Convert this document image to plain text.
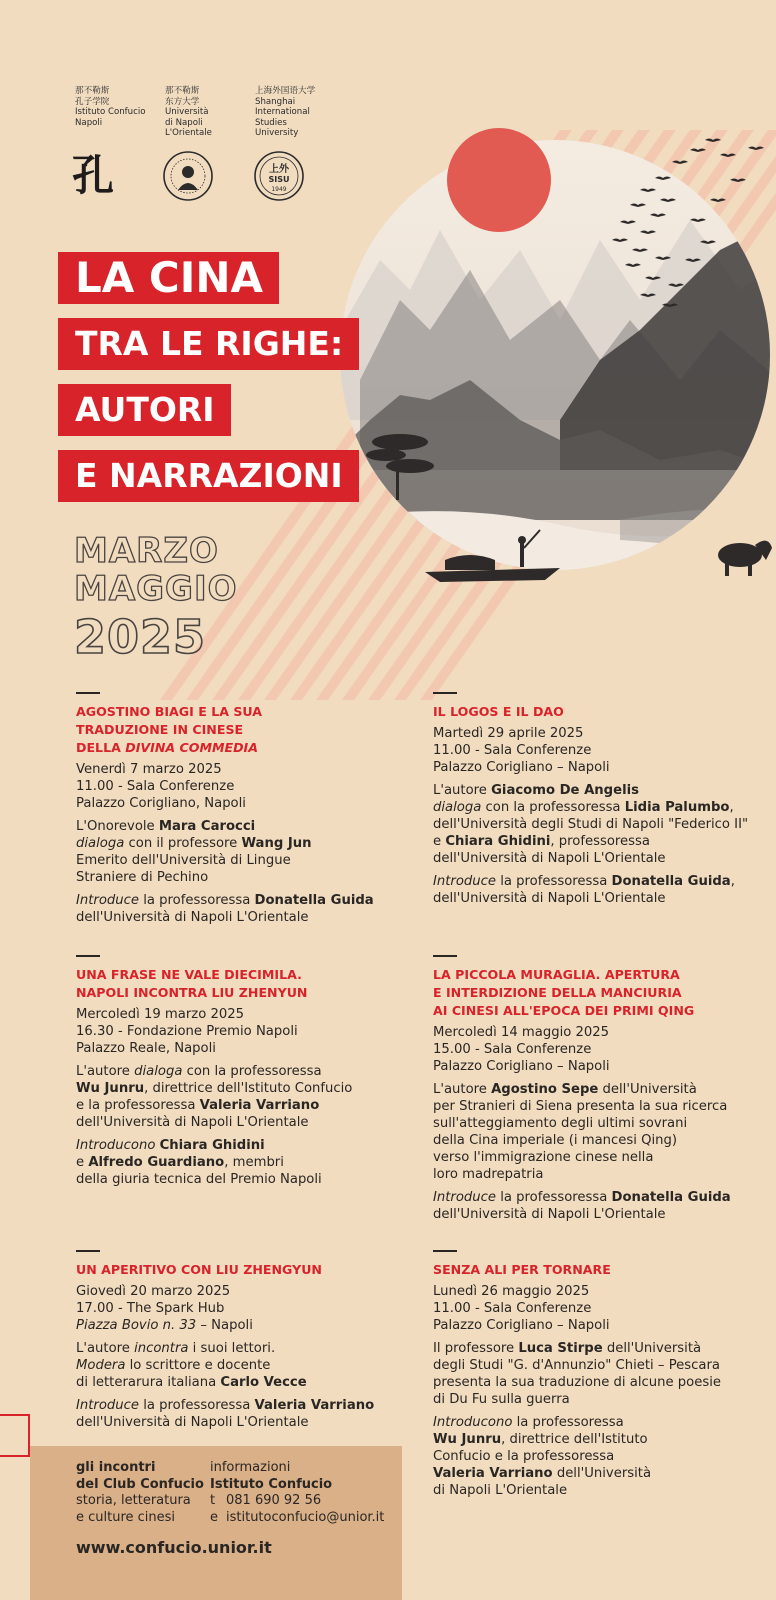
那不勒斯
孔子学院
Istituto Confucio
Napoli
那不勒斯
东方大学
Università
di Napoli
L'Orientale
上海外国语大学
Shanghai
International
Studies
University
孔	上外
SISU
1949
LA CINA
TRA LE RIGHE:
AUTORI
E NARRAZIONI
MARZO
MAGGIO
2025
AGOSTINO BIAGI E LA SUA
TRADUZIONE IN CINESE
DELLA DIVINA COMMEDIA
Venerdì 7 marzo 2025
11.00 - Sala Conferenze
Palazzo Corigliano, Napoli
L'Onorevole Mara Carocci
dialoga con il professore Wang Jun
Emerito dell'Università di Lingue
Straniere di Pechino
Introduce la professoressa Donatella Guida
dell'Università di Napoli L'Orientale
IL LOGOS E IL DAO
Martedì 29 aprile 2025
11.00 - Sala Conferenze
Palazzo Corigliano – Napoli
L'autore Giacomo De Angelis
dialoga con la professoressa Lidia Palumbo,
dell'Università degli Studi di Napoli "Federico II"
e Chiara Ghidini, professoressa
dell'Università di Napoli L'Orientale
Introduce la professoressa Donatella Guida,
dell'Università di Napoli L'Orientale
UNA FRASE NE VALE DIECIMILA.
NAPOLI INCONTRA LIU ZHENYUN
Mercoledì 19 marzo 2025
16.30 - Fondazione Premio Napoli
Palazzo Reale, Napoli
L'autore dialoga con la professoressa
Wu Junru, direttrice dell'Istituto Confucio
e la professoressa Valeria Varriano
dell'Università di Napoli L'Orientale
Introducono Chiara Ghidini
e Alfredo Guardiano, membri
della giuria tecnica del Premio Napoli
LA PICCOLA MURAGLIA. APERTURA
E INTERDIZIONE DELLA MANCIURIA
AI CINESI ALL'EPOCA DEI PRIMI QING
Mercoledì 14 maggio 2025
15.00 - Sala Conferenze
Palazzo Corigliano – Napoli
L'autore Agostino Sepe dell'Università
per Stranieri di Siena presenta la sua ricerca
sull'atteggiamento degli ultimi sovrani
della Cina imperiale (i mancesi Qing)
verso l'immigrazione cinese nella
loro madrepatria
Introduce la professoressa Donatella Guida
dell'Università di Napoli L'Orientale
UN APERITIVO CON LIU ZHENGYUN
Giovedì 20 marzo 2025
17.00 - The Spark Hub
Piazza Bovio n. 33 – Napoli
L'autore incontra i suoi lettori.
Modera lo scrittore e docente
di letterarura italiana Carlo Vecce
Introduce la professoressa Valeria Varriano
dell'Università di Napoli L'Orientale
SENZA ALI PER TORNARE
Lunedì 26 maggio 2025
11.00 - Sala Conferenze
Palazzo Corigliano – Napoli
Il professore Luca Stirpe dell'Università
degli Studi "G. d'Annunzio" Chieti – Pescara
presenta la sua traduzione di alcune poesie
di Du Fu sulla guerra
Introducono la professoressa
Wu Junru, direttrice dell'Istituto
Confucio e la professoressa
Valeria Varriano dell'Università
di Napoli L'Orientale
gli incontri
del Club Confucio
storia, letteratura
e culture cinesi
informazioni
Istituto Confucio
t 081 690 92 56
e istitutoconfucio@unior.it
www.confucio.unior.it
